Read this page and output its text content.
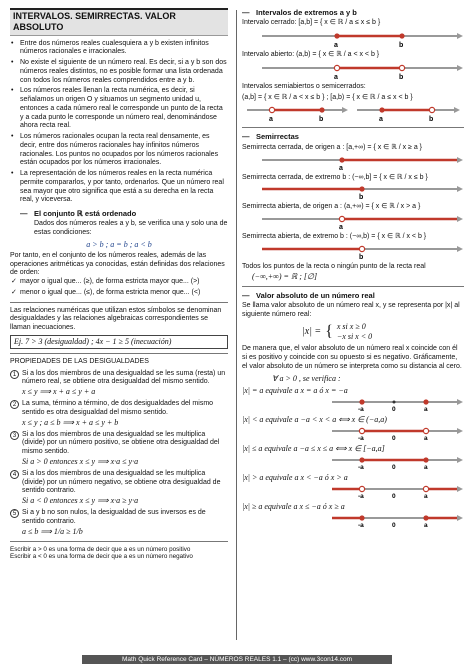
INTERVALOS. SEMIRRECTAS. VALOR ABSOLUTO
• Entre dos números reales cualesquiera a y b existen infinitos números racionales e irracionales.
• No existe el siguiente de un número real. Es decir, si a y b son dos números reales distintos, no es posible formar una lista ordenada con todos los números reales comprendidos entre a y b.
• Los números reales llenan la recta numérica, es decir, si señalamos un origen O y situamos un segmento unidad u, entonces a cada número real le corresponde un punto de la recta y a cada punto le corresponde un número real, denominándose ahora recta real.
• Los números racionales ocupan la recta real densamente, es decir, entre dos números racionales hay infinitos números racionales. Los puntos no ocupados por los números racionales están ocupados por los números irracionales.
• La representación de los números reales en la recta numérica permite compararlos, y por tanto, ordenarlos. Que un número real sea mayor que otro significa que está a su derecha en la recta real, y viceversa.
— El conjunto ℝ está ordenado
Dados dos números reales a y b, se verifica una y solo una de estas condiciones:
a > b ; a = b ; a < b
Por tanto, en el conjunto de los números reales, además de las operaciones aritméticas ya conocidas, están definidas dos relaciones de orden:
✓ mayor o igual que... (≥), de forma estricta mayor que... (>)
✓ menor o igual que... (≤), de forma estricta menor que... (<)
Las relaciones numéricas que utilizan estos símbolos se denominan desigualdades y las relaciones algebraicas correspondientes se llaman inecuaciones.
Ej. 7 > 3 (desigualdad) ; 4x − 1 ≥ 5 (inecuación)
PROPIEDADES DE LAS DESIGUALDADES
1 Si a los dos miembros de una desigualdad se les suma (resta) un número real, se obtiene otra desigualdad del mismo sentido.
x ≤ y ⟹ x + a ≤ y + a
2 La suma, término a término, de dos desigualdades del mismo sentido es otra desigualdad del mismo sentido.
x ≤ y ; a ≤ b ⟹ x + a ≤ y + b
3 Si a los dos miembros de una desigualdad se les multiplica (divide) por un número positivo, se obtiene otra desigualdad del mismo sentido.
Si a > 0 entonces x ≤ y ⟹ x·a ≤ y·a
4 Si a los dos miembros de una desigualdad se les multiplica (divide) por un número negativo, se obtiene otra desigualdad de sentido contrario.
Si a < 0 entonces x ≤ y ⟹ x·a ≥ y·a
5 Si a y b no son nulos, la desigualdad de sus inversos es de sentido contrario.
a ≤ b ⟹ 1/a ≥ 1/b
Escribir a > 0 es una forma de decir que a es un número positivo
Escribir a < 0 es una forma de decir que a es un número negativo
— Intervalos de extremos a y b
Intervalo cerrado: [a,b] = { x ∈ ℝ / a ≤ x ≤ b }
a	b
Intervalo abierto: (a,b) = { x ∈ ℝ / a < x < b }
a	b
Intervalos semiabiertos o semicerrados:
(a,b] = { x ∈ ℝ / a < x ≤ b } ; [a,b) = { x ∈ ℝ / a ≤ x < b }
a	b	a	b
— Semirrectas
Semirrecta cerrada, de origen a : [a,+∞) = { x ∈ ℝ / x ≥ a }
a
Semirrecta cerrada, de extremo b : (−∞,b] = { x ∈ ℝ / x ≤ b }
b
Semirrecta abierta, de origen a : (a,+∞) = { x ∈ ℝ / x > a }
a
Semirrecta abierta, de extremo b : (−∞,b) = { x ∈ ℝ / x < b }
b
Todos los puntos de la recta o ningún punto de la recta real
(−∞,+∞) = ℝ ; [∅]
— Valor absoluto de un número real
Se llama valor absoluto de un número real x, y se representa por |x| al siguiente número real:
|x| = { x si x ≥ 0
−x si x < 0
De manera que, el valor absoluto de un número real x coincide con él si es positivo y coincide con su opuesto si es negativo. Gráficamente, el valor absoluto de un número se interpreta como su distancia al cero.
∀ a > 0 , se verifica :
|x| = a equivale a x = a ó x = −a
-a	0	a
|x| < a equivale a −a < x < a ⟺ x ∈ (−a,a)
-a	0	a
|x| ≤ a equivale a −a ≤ x ≤ a ⟺ x ∈ [−a,a]
-a	0	a
|x| > a equivale a x < −a ó x > a
-a	0	a
|x| ≥ a equivale a x ≤ −a ó x ≥ a
-a	0	a
Math Quick Reference Card – NÚMEROS REALES 1.1 – (cc) www.3con14.com
